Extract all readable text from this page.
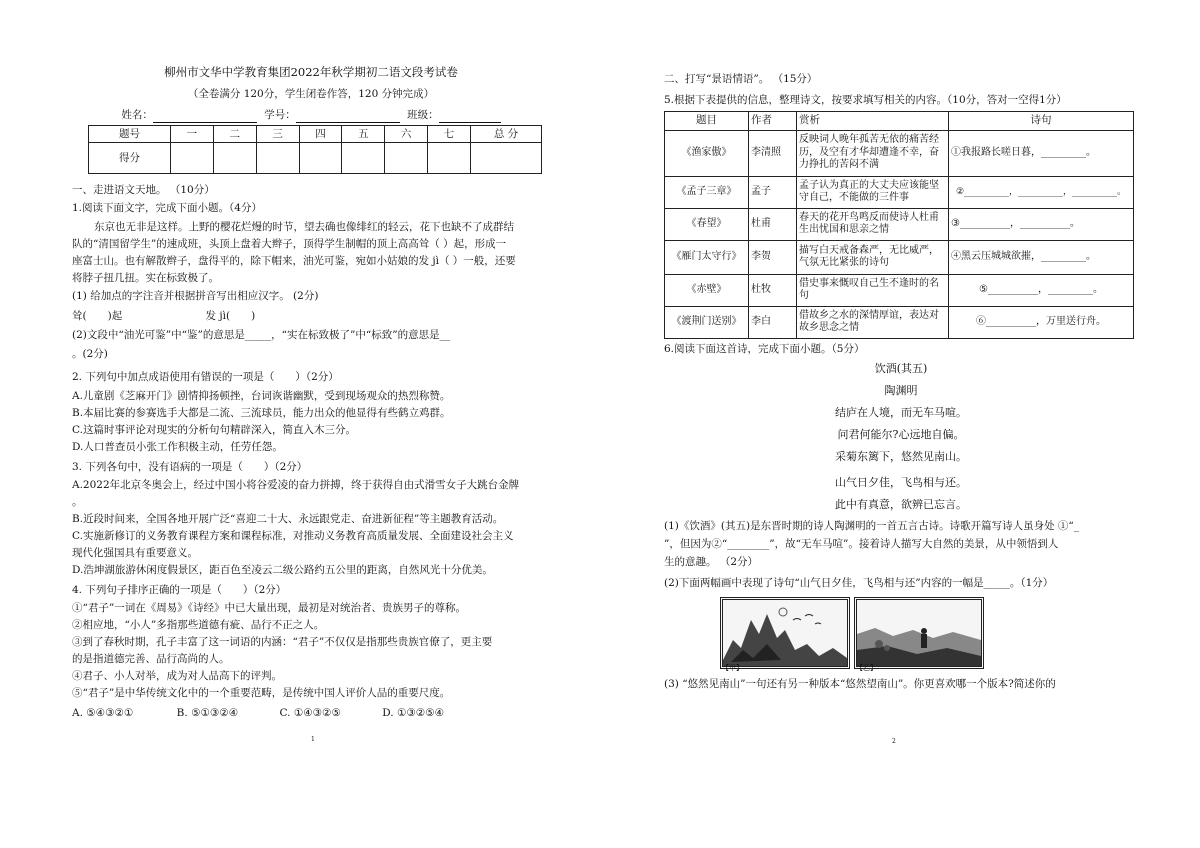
柳州市文华中学教育集团2022年秋学期初二语文段考试卷

（全卷满分 120分，学生闭卷作答，120 分钟完成）

姓名：	学号：	班级：

题号	一	二	三	四	五	六	七	总 分
得分								

一、走进语文天地。 （10分）

1.阅读下面文字，完成下面小题。（4分）

东京也无非是这样。上野的樱花烂熳的时节，望去确也像绯红的轻云，花下也缺不了成群结

队的“清国留学生”的速成班，头顶上盘着大辫子，顶得学生制帽的顶上高高耸（ ）起，形成一

座富士山。也有解散辫子，盘得平的，除下帽来，油光可鉴，宛如小姑娘的发 jì（ ）一般，还要

将脖子扭几扭。实在标致极了。

(1) 给加点的字注音并根据拼音写出相应汉字。 (2分)

耸(　　)起	发 jì(　　)

(2)文段中“油光可鉴”中“鉴”的意思是_____，“实在标致极了”中“标致”的意思是__

。(2分)

2. 下列句中加点成语使用有错误的一项是（　　）（2分）

A.儿童剧《芝麻开门》剧情抑扬顿挫，台词诙谐幽默，受到现场观众的热烈称赞。

B.本届比赛的参赛选手大都是二流、三流球员，能力出众的他显得有些鹤立鸡群。

C.这篇时事评论对现实的分析句句精辟深入，简直入木三分。

D.人口普查员小张工作积极主动，任劳任怨。

3. 下列各句中，没有语病的一项是（　　）（2分）

A.2022年北京冬奥会上，经过中国小将谷爱凌的奋力拼搏，终于获得自由式滑雪女子大跳台金牌

。

B.近段时间来，全国各地开展广泛“喜迎二十大、永远跟党走、奋进新征程”等主题教育活动。

C.实施新修订的义务教育课程方案和课程标准，对推动义务教育高质量发展、全面建设社会主义

现代化强国具有重要意义。

D.浩坤湖旅游休闲度假景区，距百色至凌云二级公路约五公里的距离，自然风光十分优美。

4. 下列句子排序正确的一项是（　　）（2分）

①“君子”一词在《周易》《诗经》中已大量出现，最初是对统治者、贵族男子的尊称。

②相应地，“小人”多指那些道德有疵、品行不正之人。

③到了春秋时期，孔子丰富了这一词语的内涵：“君子”不仅仅是指那些贵族官僚了，更主要

的是指道德完善、品行高尚的人。

④君子、小人对举，成为对人品高下的评判。

⑤“君子”是中华传统文化中的一个重要范畴，是传统中国人评价人品的重要尺度。

A. ⑤④③②①	B. ⑤①③②④	C. ①④③②⑤	D. ①③②⑤④

1

二、打写“景语情语”。 （15分）

5.根据下表提供的信息，整理诗文，按要求填写相关的内容。（10分，答对一空得1分）

题目	作者	赏析	诗句
《渔家傲》	李清照	反映词人晚年孤苦无依的痛苦经历，及空有才华却遭逢不幸，奋力挣扎的苦闷不满	①我报路长嗟日暮，_________。
《孟子三章》	孟子	孟子认为真正的大丈夫应该能坚守自己，不能做的三件事	②__________，__________，__________。
《春望》	杜甫	春天的花开鸟鸣反而使诗人杜甫生出忧国和思亲之情	③__________，__________。
《雁门太守行》	李贺	描写白天戒备森严，无比威严，气氛无比紧张的诗句	④黑云压城城欲摧，_________。
《赤壁》	杜牧	借史事来慨叹自己生不逢时的名句	⑤__________，_________。
《渡荆门送别》	李白	借故乡之水的深情厚谊，表达对故乡思念之情	⑥__________，万里送行舟。

6.阅读下面这首诗，完成下面小题。（5分）

饮酒(其五)

陶渊明

结庐在人境，而无车马喧。

问君何能尔?心远地自偏。

采菊东篱下，悠然见南山。

山气日夕佳，飞鸟相与还。

此中有真意，欲辨已忘言。

(1)《饮酒》(其五)是东晋时期的诗人陶渊明的一首五言古诗。诗歌开篇写诗人虽身处 ①“_

”，但因为②“________”，故“无车马喧”。接着诗人描写大自然的美景，从中领悟到人

生的意趣。 （2分）

(2)下面两幅画中表现了诗句“山气日夕佳，飞鸟相与还”内容的一幅是_____。（1分）

【甲】	【乙】

(3) “悠然见南山”一句还有另一种版本“悠然望南山”。你更喜欢哪一个版本?简述你的

2
